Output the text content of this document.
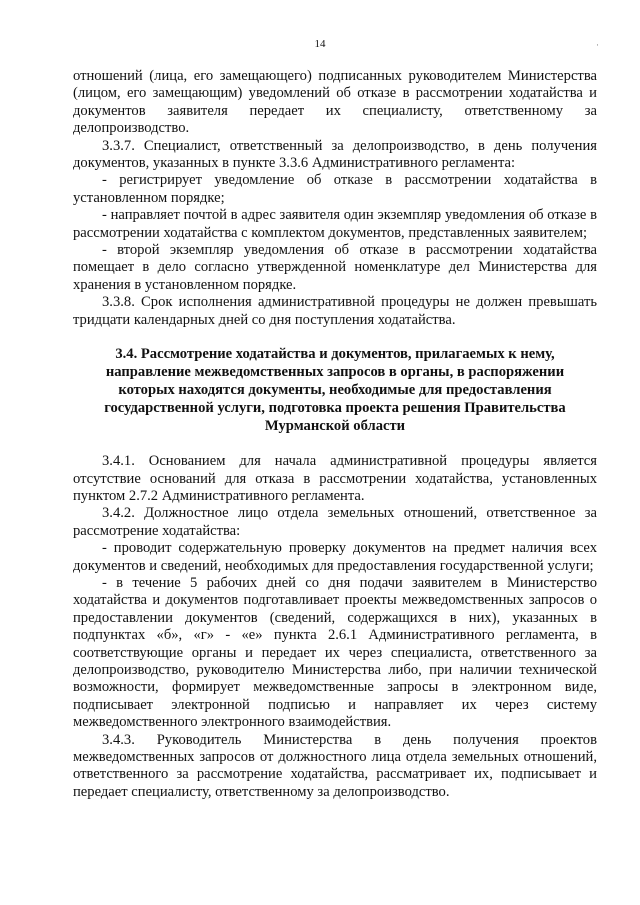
14	·

отношений (лица, его замещающего) подписанных руководителем Министерства (лицом, его замещающим) уведомлений об отказе в рассмотрении ходатайства и документов заявителя передает их специалисту, ответственному за делопроизводство.

3.3.7. Специалист, ответственный за делопроизводство, в день получения документов, указанных в пункте 3.3.6 Административного регламента:

- регистрирует уведомление об отказе в рассмотрении ходатайства в установленном порядке;

- направляет почтой в адрес заявителя один экземпляр уведомления об отказе в рассмотрении ходатайства с комплектом документов, представленных заявителем;

- второй экземпляр уведомления об отказе в рассмотрении ходатайства помещает в дело согласно утвержденной номенклатуре дел Министерства для хранения в установленном порядке.

3.3.8. Срок исполнения административной процедуры не должен превышать тридцати календарных дней со дня поступления ходатайства.

3.4. Рассмотрение ходатайства и документов, прилагаемых к нему, направление межведомственных запросов в органы, в распоряжении которых находятся документы, необходимые для предоставления государственной услуги, подготовка проекта решения Правительства Мурманской области

3.4.1. Основанием для начала административной процедуры является отсутствие оснований для отказа в рассмотрении ходатайства, установленных пунктом 2.7.2 Административного регламента.

3.4.2. Должностное лицо отдела земельных отношений, ответственное за рассмотрение ходатайства:

- проводит содержательную проверку документов на предмет наличия всех документов и сведений, необходимых для предоставления государственной услуги;

- в течение 5 рабочих дней со дня подачи заявителем в Министерство ходатайства и документов подготавливает проекты межведомственных запросов о предоставлении документов (сведений, содержащихся в них), указанных в подпунктах «б», «г» - «е» пункта 2.6.1 Административного регламента, в соответствующие органы и передает их через специалиста, ответственного за делопроизводство, руководителю Министерства либо, при наличии технической возможности, формирует межведомственные запросы в электронном виде, подписывает электронной подписью и направляет их через систему межведомственного электронного взаимодействия.

3.4.3. Руководитель Министерства в день получения проектов межведомственных запросов от должностного лица отдела земельных отношений, ответственного за рассмотрение ходатайства, рассматривает их, подписывает и передает специалисту, ответственному за делопроизводство.
